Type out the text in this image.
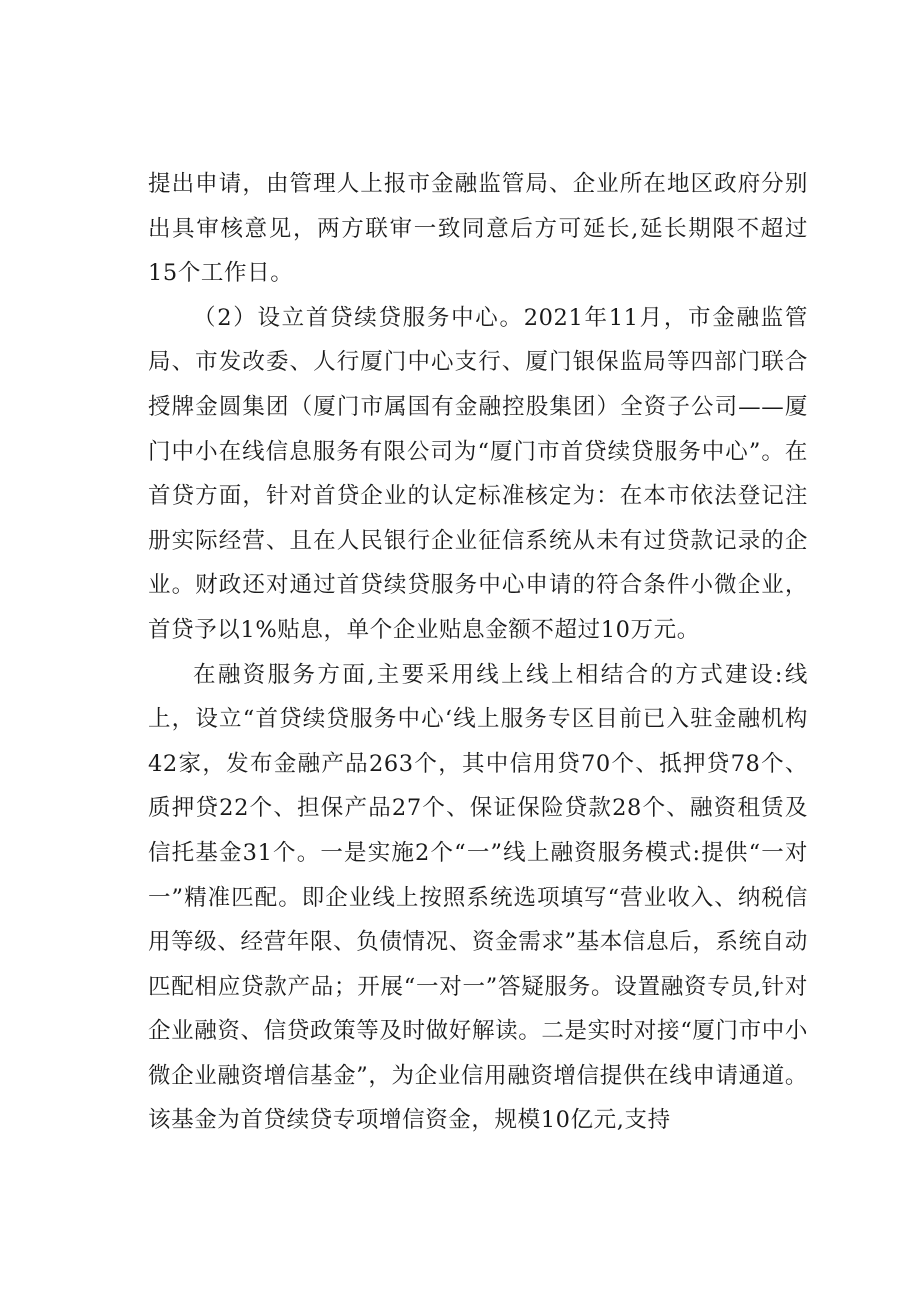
提出申请，由管理人上报市金融监管局、企业所在地区政府分别出具审核意见，两方联审一致同意后方可延长,延长期限不超过15个工作日。

（2）设立首贷续贷服务中心。2021年11月，市金融监管局、市发改委、人行厦门中心支行、厦门银保监局等四部门联合授牌金圆集团（厦门市属国有金融控股集团）全资子公司——厦门中小在线信息服务有限公司为“厦门市首贷续贷服务中心”。在首贷方面，针对首贷企业的认定标准核定为：在本市依法登记注册实际经营、且在人民银行企业征信系统从未有过贷款记录的企业。财政还对通过首贷续贷服务中心申请的符合条件小微企业，首贷予以1%贴息，单个企业贴息金额不超过10万元。

在融资服务方面,主要采用线上线上相结合的方式建设:线上，设立“首贷续贷服务中心‘线上服务专区目前已入驻金融机构42家，发布金融产品263个，其中信用贷70个、抵押贷78个、质押贷22个、担保产品27个、保证保险贷款28个、融资租赁及信托基金31个。一是实施2个“一”线上融资服务模式:提供“一对一”精准匹配。即企业线上按照系统选项填写“营业收入、纳税信用等级、经营年限、负债情况、资金需求”基本信息后，系统自动匹配相应贷款产品；开展“一对一”答疑服务。设置融资专员,针对企业融资、信贷政策等及时做好解读。二是实时对接“厦门市中小微企业融资增信基金”，为企业信用融资增信提供在线申请通道。该基金为首贷续贷专项增信资金，规模10亿元,支持
